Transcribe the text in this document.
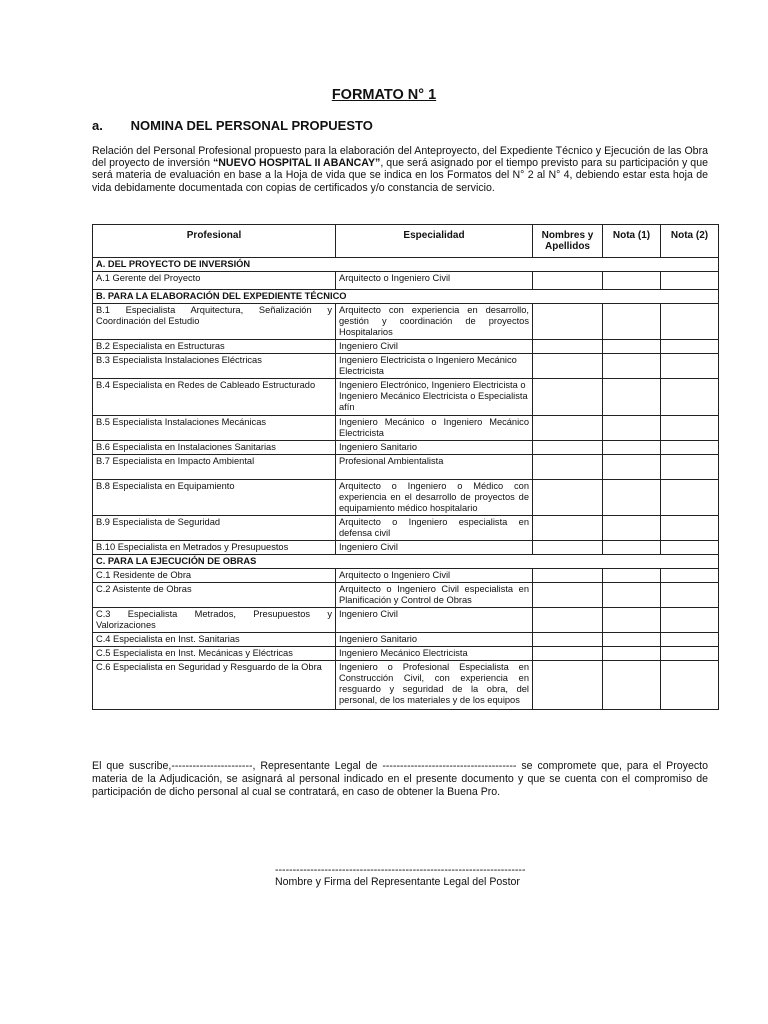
FORMATO N° 1
a. NOMINA DEL PERSONAL PROPUESTO
Relación del Personal Profesional propuesto para la elaboración del Anteproyecto, del Expediente Técnico y Ejecución de las Obra del proyecto de inversión “NUEVO HOSPITAL II ABANCAY”, que será asignado por el tiempo previsto para su participación y que será materia de evaluación en base a la Hoja de vida que se indica en los Formatos del N° 2 al N° 4, debiendo estar esta hoja de vida debidamente documentada con copias de certificados y/o constancia de servicio.
Profesional	Especialidad	Nombres y Apellidos	Nota (1)	Nota (2)
A. DEL PROYECTO DE INVERSIÓN				
A.1 Gerente del Proyecto	Arquitecto o Ingeniero Civil			
B. PARA LA ELABORACIÓN DEL EXPEDIENTE TÉCNICO				
B.1 Especialista Arquitectura, Señalización y Coordinación del Estudio	Arquitecto con experiencia en desarrollo, gestión y coordinación de proyectos Hospitalarios			
B.2 Especialista en Estructuras	Ingeniero Civil			
B.3 Especialista Instalaciones Eléctricas	Ingeniero Electricista o Ingeniero Mecánico Electricista			
B.4 Especialista en Redes de Cableado Estructurado	Ingeniero Electrónico, Ingeniero Electricista o Ingeniero Mecánico Electricista o Especialista afín			
B.5 Especialista Instalaciones Mecánicas	Ingeniero Mecánico o Ingeniero Mecánico Electricista			
B.6 Especialista en Instalaciones Sanitarias	Ingeniero Sanitario			
B.7 Especialista en Impacto Ambiental	Profesional Ambientalista			
B.8 Especialista en Equipamiento	Arquitecto o Ingeniero o Médico con experiencia en el desarrollo de proyectos de equipamiento médico hospitalario			
B.9 Especialista de Seguridad	Arquitecto o Ingeniero especialista en defensa civil			
B.10 Especialista en Metrados y Presupuestos	Ingeniero Civil			
C. PARA LA EJECUCIÓN DE OBRAS				
C.1 Residente de Obra	Arquitecto o Ingeniero Civil			
C.2 Asistente de Obras	Arquitecto o Ingeniero Civil especialista en Planificación y Control de Obras			
C.3 Especialista Metrados, Presupuestos y Valorizaciones	Ingeniero Civil			
C.4 Especialista en Inst. Sanitarias	Ingeniero Sanitario			
C.5 Especialista en Inst. Mecánicas y Eléctricas	Ingeniero Mecánico Electricista			
C.6 Especialista en Seguridad y Resguardo de la Obra	Ingeniero o Profesional Especialista en Construcción Civil, con experiencia en resguardo y seguridad de la obra, del personal, de los materiales y de los equipos			
El que suscribe,-----------------------, Representante Legal de -------------------------------------- se compromete que, para el Proyecto materia de la Adjudicación, se asignará al personal indicado en el presente documento y que se cuenta con el compromiso de participación de dicho personal al cual se contratará, en caso de obtener la Buena Pro.
-----------------------------------------------------------------------
Nombre y Firma del Representante Legal del Postor
